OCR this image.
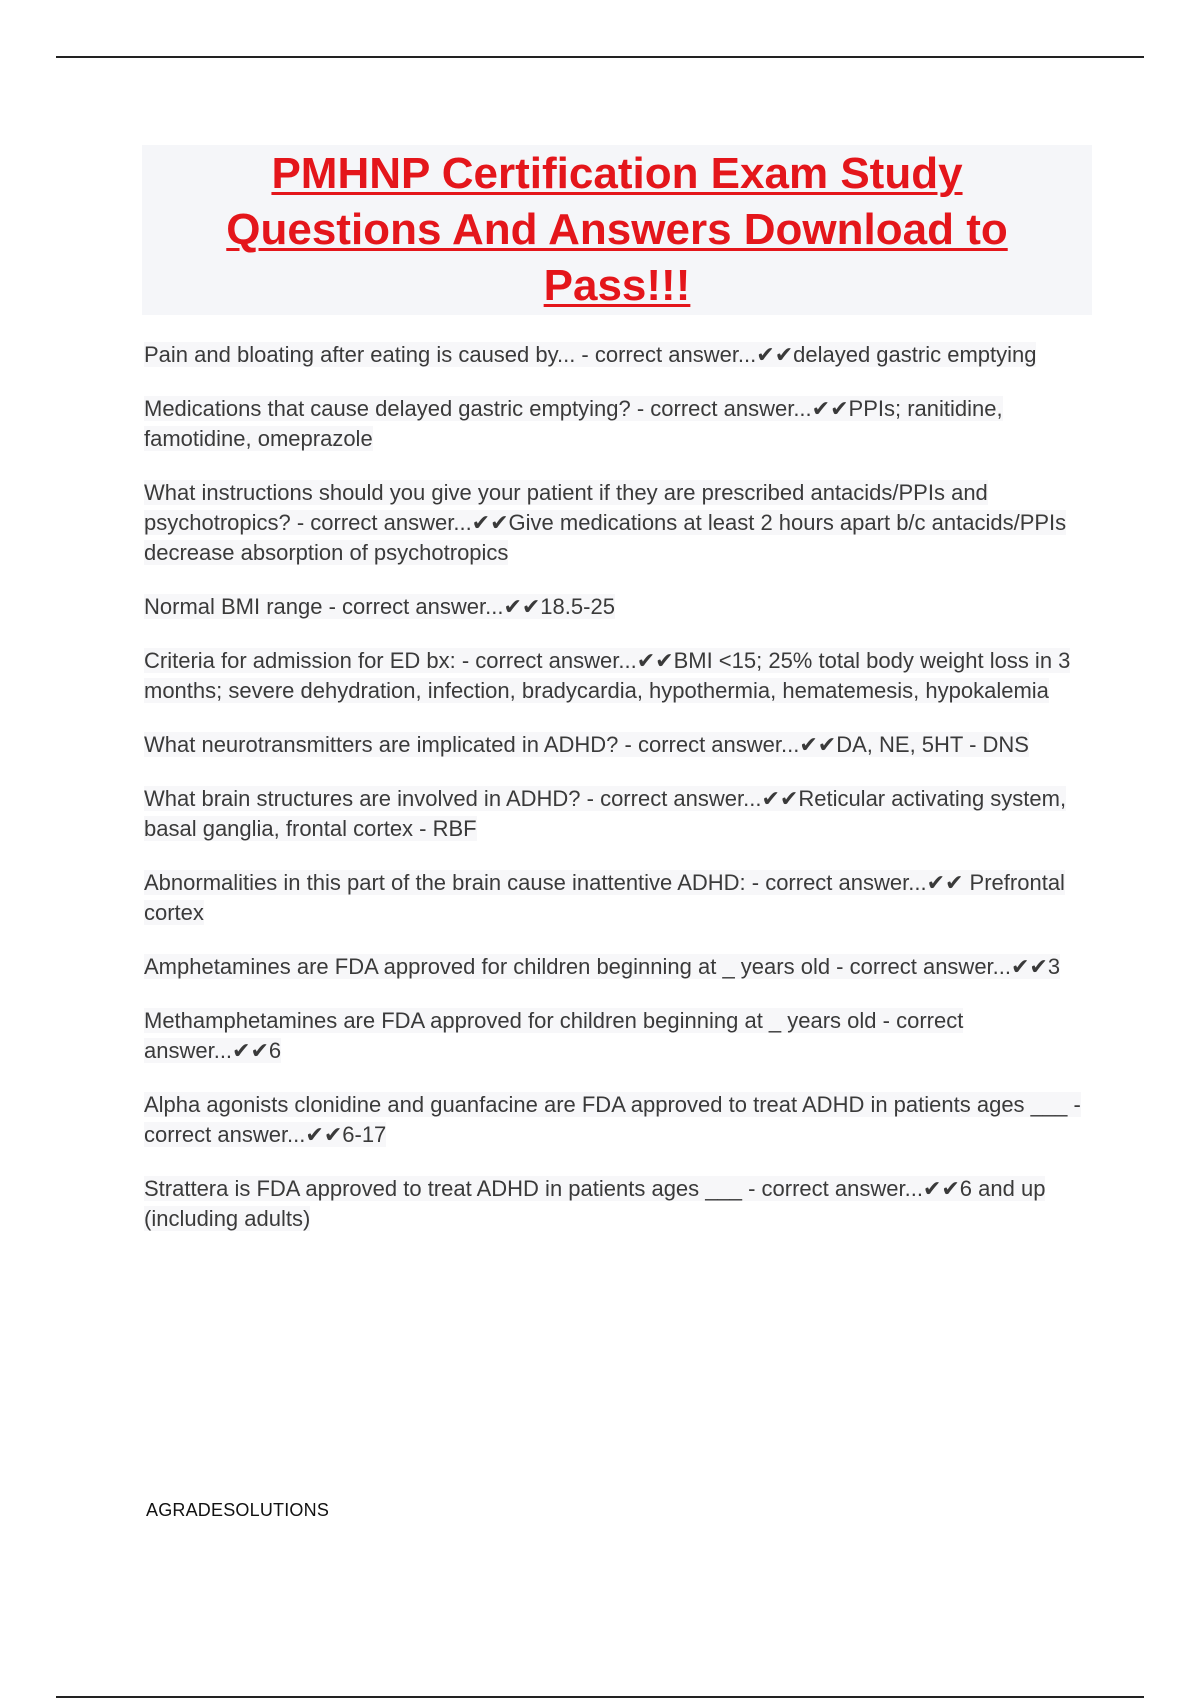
PMHNP Certification Exam Study Questions And Answers Download to Pass!!!
Pain and bloating after eating is caused by... - correct answer...✔✔delayed gastric emptying
Medications that cause delayed gastric emptying? - correct answer...✔✔PPIs; ranitidine, famotidine, omeprazole
What instructions should you give your patient if they are prescribed antacids/PPIs and psychotropics? - correct answer...✔✔Give medications at least 2 hours apart b/c antacids/PPIs decrease absorption of psychotropics
Normal BMI range - correct answer...✔✔18.5-25
Criteria for admission for ED bx: - correct answer...✔✔BMI <15; 25% total body weight loss in 3 months; severe dehydration, infection, bradycardia, hypothermia, hematemesis, hypokalemia
What neurotransmitters are implicated in ADHD? - correct answer...✔✔DA, NE, 5HT - DNS
What brain structures are involved in ADHD? - correct answer...✔✔Reticular activating system, basal ganglia, frontal cortex - RBF
Abnormalities in this part of the brain cause inattentive ADHD: - correct answer...✔✔ Prefrontal cortex
Amphetamines are FDA approved for children beginning at _ years old - correct answer...✔✔3
Methamphetamines are FDA approved for children beginning at _ years old - correct answer...✔✔6
Alpha agonists clonidine and guanfacine are FDA approved to treat ADHD in patients ages ___ - correct answer...✔✔6-17
Strattera is FDA approved to treat ADHD in patients ages ___ - correct answer...✔✔6 and up (including adults)
AGRADESOLUTIONS
